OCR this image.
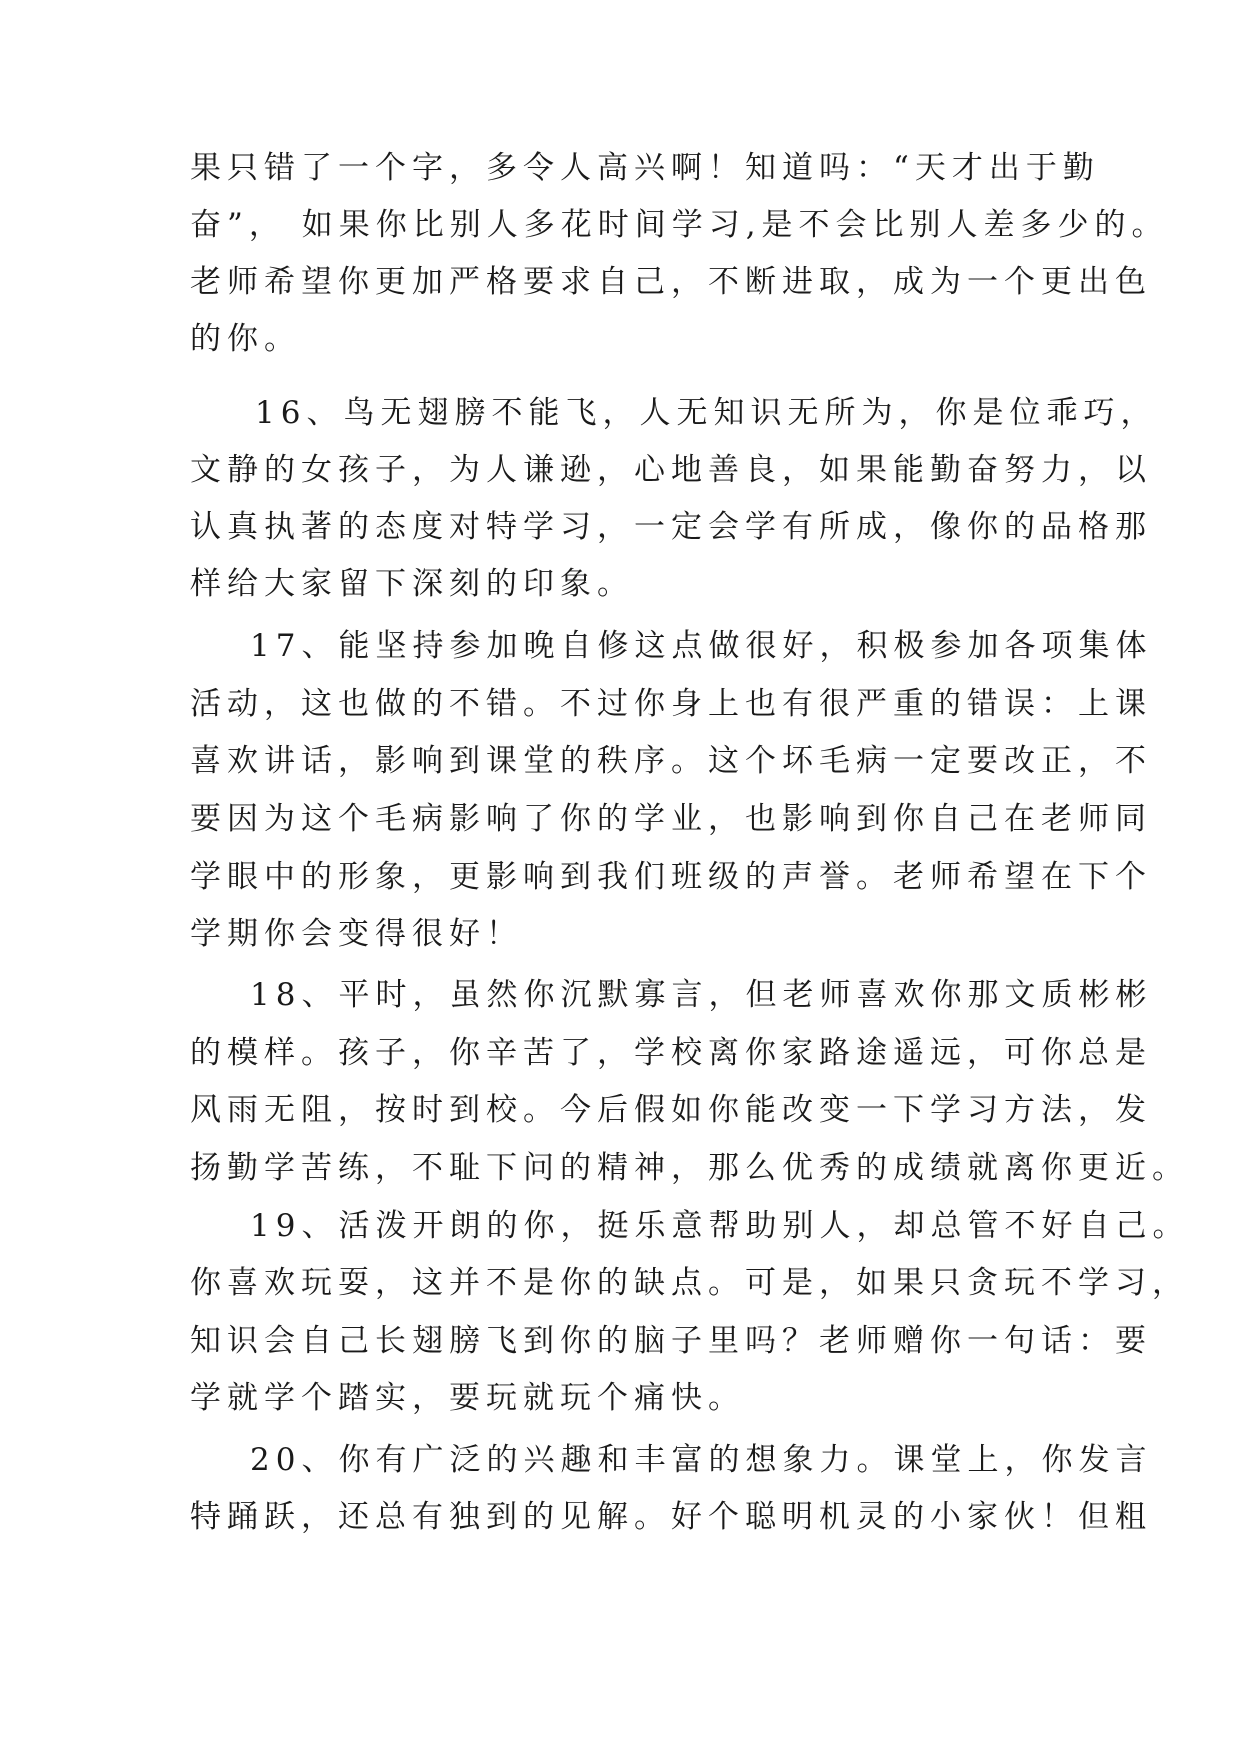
果只错了一个字，多令人高兴啊！知道吗：“天才出于勤
奋”， 如果你比别人多花时间学习,是不会比别人差多少的。
老师希望你更加严格要求自己，不断进取，成为一个更出色
的你。
16、鸟无翅膀不能飞，人无知识无所为，你是位乖巧，
文静的女孩子，为人谦逊，心地善良，如果能勤奋努力，以
认真执著的态度对特学习，一定会学有所成，像你的品格那
样给大家留下深刻的印象。
17、能坚持参加晚自修这点做很好，积极参加各项集体
活动，这也做的不错。不过你身上也有很严重的错误：上课
喜欢讲话，影响到课堂的秩序。这个坏毛病一定要改正，不
要因为这个毛病影响了你的学业，也影响到你自己在老师同
学眼中的形象，更影响到我们班级的声誉。老师希望在下个
学期你会变得很好！
18、平时，虽然你沉默寡言，但老师喜欢你那文质彬彬
的模样。孩子，你辛苦了，学校离你家路途遥远，可你总是
风雨无阻，按时到校。今后假如你能改变一下学习方法，发
扬勤学苦练，不耻下问的精神，那么优秀的成绩就离你更近。
19、活泼开朗的你，挺乐意帮助别人，却总管不好自己。
你喜欢玩耍，这并不是你的缺点。可是，如果只贪玩不学习，
知识会自己长翅膀飞到你的脑子里吗？老师赠你一句话：要
学就学个踏实，要玩就玩个痛快。
20、你有广泛的兴趣和丰富的想象力。课堂上，你发言
特踊跃，还总有独到的见解。好个聪明机灵的小家伙！但粗
